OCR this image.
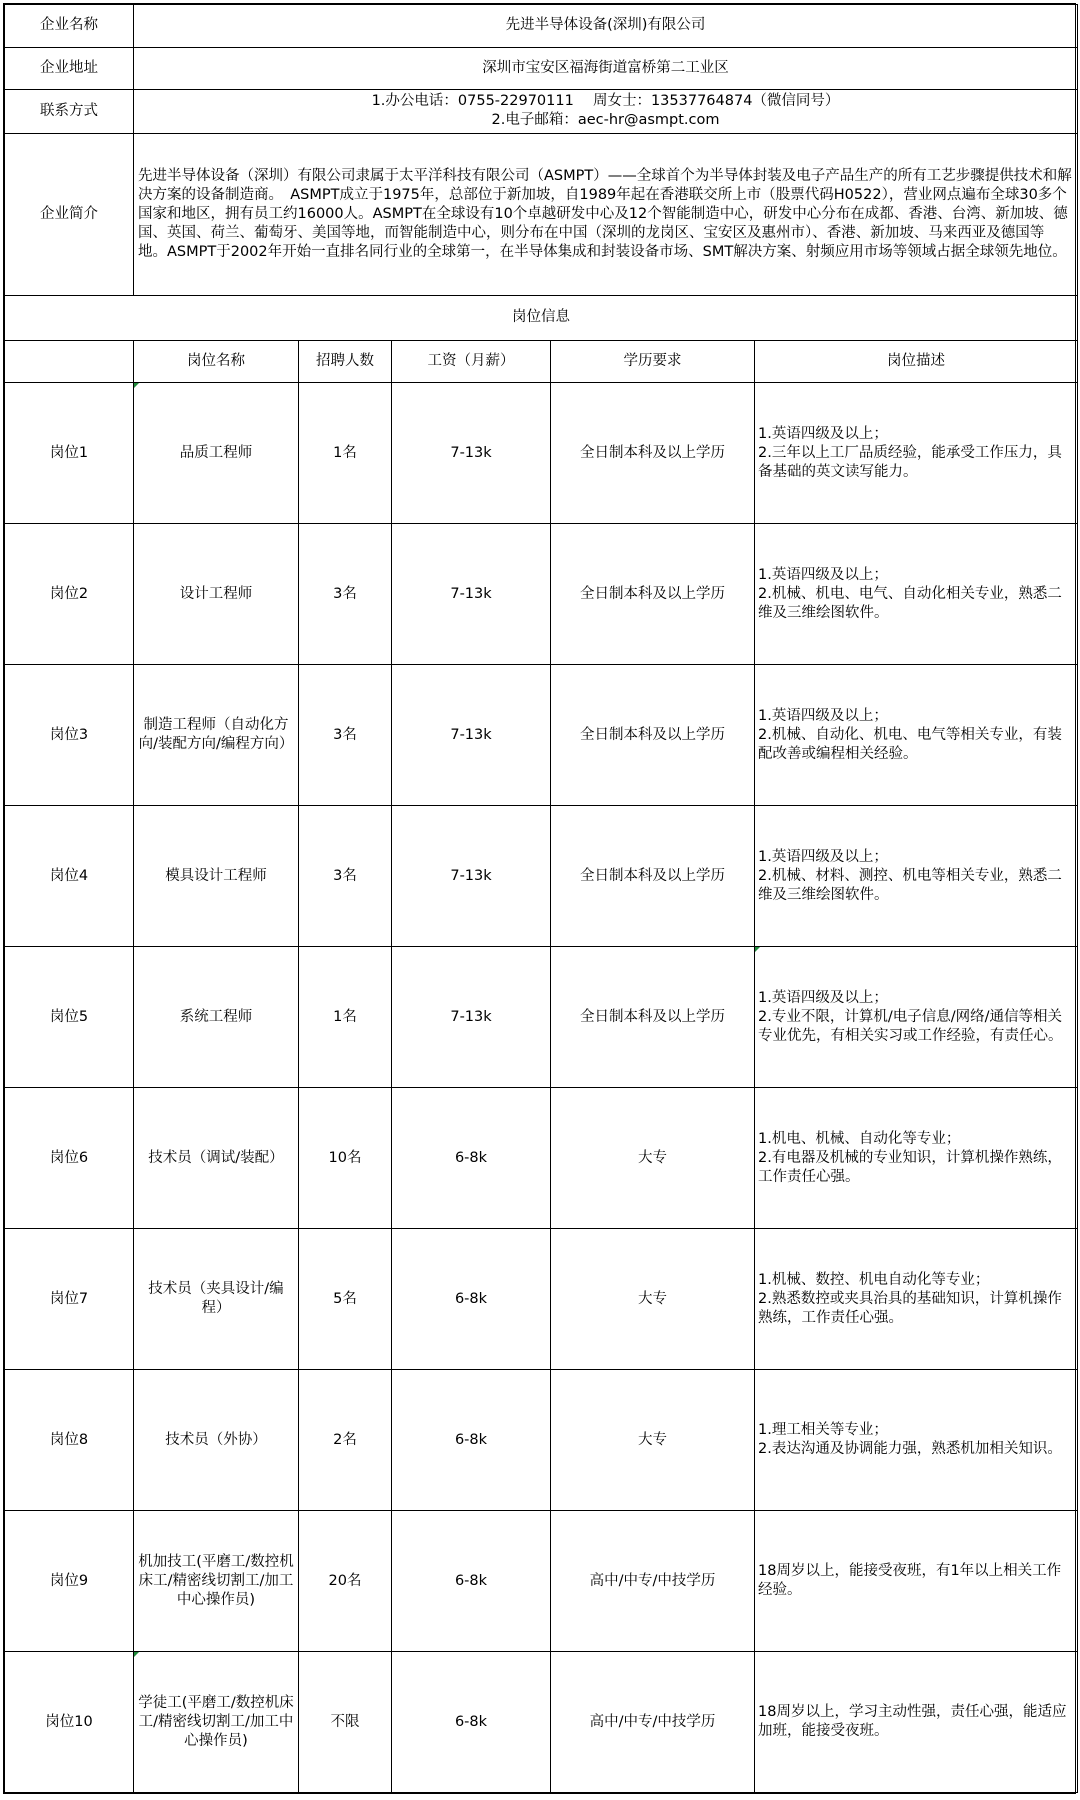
企业名称	先进半导体设备(深圳)有限公司				
企业地址	深圳市宝安区福海街道富桥第二工业区				
联系方式	1.办公电话：0755-22970111　 周女士：13537764874（微信同号）
2.电子邮箱：aec-hr@asmpt.com				

企业简介	先进半导体设备（深圳）有限公司隶属于太平洋科技有限公司（ASMPT）——全球首个为半导体封装及电子产品生产的所有工艺步骤提供技术和解决方案的设备制造商。　ASMPT成立于1975年，总部位于新加坡，自1989年起在香港联交所上市（股票代码H0522），营业网点遍布全球30多个国家和地区，拥有员工约16000人。ASMPT在全球设有10个卓越研发中心及12个智能制造中心，研发中心分布在成都、香港、台湾、新加坡、德国、英国、荷兰、葡萄牙、美国等地，而智能制造中心，则分布在中国（深圳的龙岗区、宝安区及惠州市）、香港、新加坡、马来西亚及德国等地。ASMPT于2002年开始一直排名同行业的全球第一，在半导体集成和封装设备市场、SMT解决方案、射频应用市场等领域占据全球领先地位。				
岗位信息					
	岗位名称	招聘人数	工资（月薪）	学历要求	岗位描述
岗位1	品质工程师	1名	7-13k	全日制本科及以上学历	1.英语四级及以上；
2.三年以上工厂品质经验，能承受工作压力，具备基础的英文读写能力。

岗位2	设计工程师	3名	7-13k	全日制本科及以上学历	1.英语四级及以上；
2.机械、机电、电气、自动化相关专业，熟悉二维及三维绘图软件。

岗位3	制造工程师（自动化方向/装配方向/编程方向）	3名	7-13k	全日制本科及以上学历	1.英语四级及以上；
2.机械、自动化、机电、电气等相关专业，有装配改善或编程相关经验。

岗位4	模具设计工程师	3名	7-13k	全日制本科及以上学历	1.英语四级及以上；
2.机械、材料、测控、机电等相关专业，熟悉二维及三维绘图软件。

岗位5	系统工程师	1名	7-13k	全日制本科及以上学历	1.英语四级及以上；
2.专业不限，计算机/电子信息/网络/通信等相关专业优先，有相关实习或工作经验，有责任心。

岗位6	技术员（调试/装配）	10名	6-8k	大专	1.机电、机械、自动化等专业；
2.有电器及机械的专业知识，计算机操作熟练，工作责任心强。

岗位7	技术员（夹具设计/编程）	5名	6-8k	大专	1.机械、数控、机电自动化等专业；
2.熟悉数控或夹具治具的基础知识，计算机操作熟练，工作责任心强。

岗位8	技术员（外协）	2名	6-8k	大专	1.理工相关等专业；
2.表达沟通及协调能力强，熟悉机加相关知识。

岗位9	机加技工(平磨工/数控机床工/精密线切割工/加工中心操作员)	20名	6-8k	高中/中专/中技学历	18周岁以上，能接受夜班，有1年以上相关工作经验。

岗位10	学徒工(平磨工/数控机床工/精密线切割工/加工中心操作员)	不限	6-8k	高中/中专/中技学历	18周岁以上，学习主动性强，责任心强，能适应加班，能接受夜班。
